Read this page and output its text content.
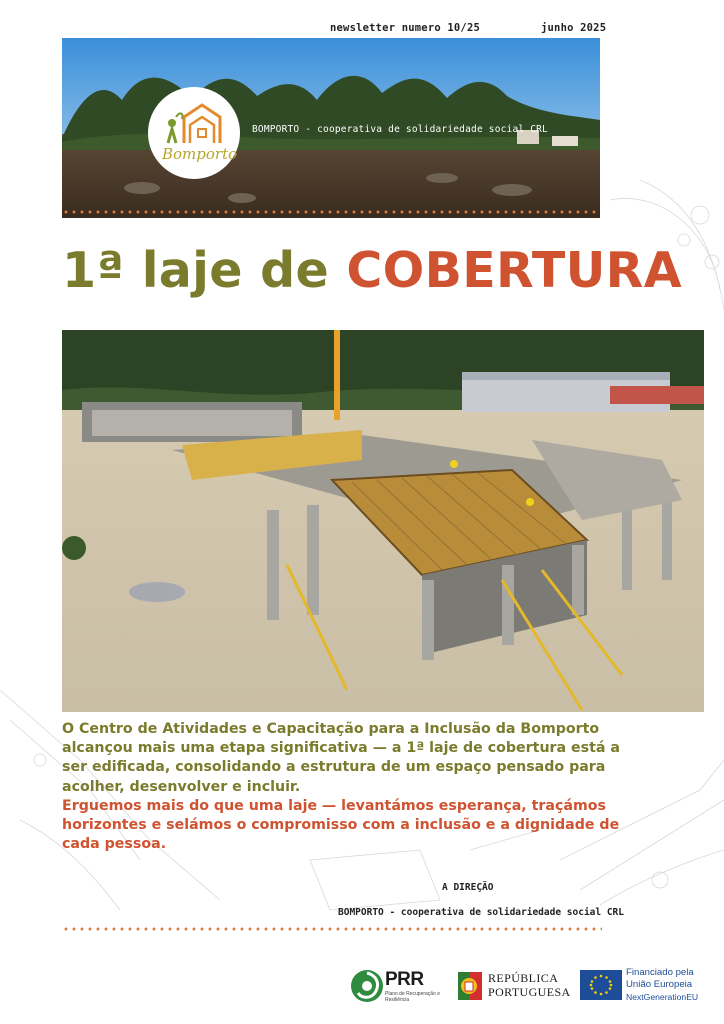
newsletter numero 10/25	junho 2025
Bomporto
BOMPORTO - cooperativa de solidariedade social CRL
1ª laje de COBERTURA

O Centro de Atividades e Capacitação para a Inclusão da Bomporto alcançou mais uma etapa significativa — a 1ª laje de cobertura está a ser edificada, consolidando a estrutura de um espaço pensado para acolher, desenvolver e incluir.

Erguemos mais do que uma laje — levantámos esperança, traçámos horizontes e selámos o compromisso com a inclusão e a dignidade de cada pessoa.

A DIREÇÃO
BOMPORTO - cooperativa de solidariedade social CRL
PRR
Plano de Recuperação e Resiliência
REPÚBLICA
PORTUGUESA
Financiado pela
União Europeia
NextGenerationEU
